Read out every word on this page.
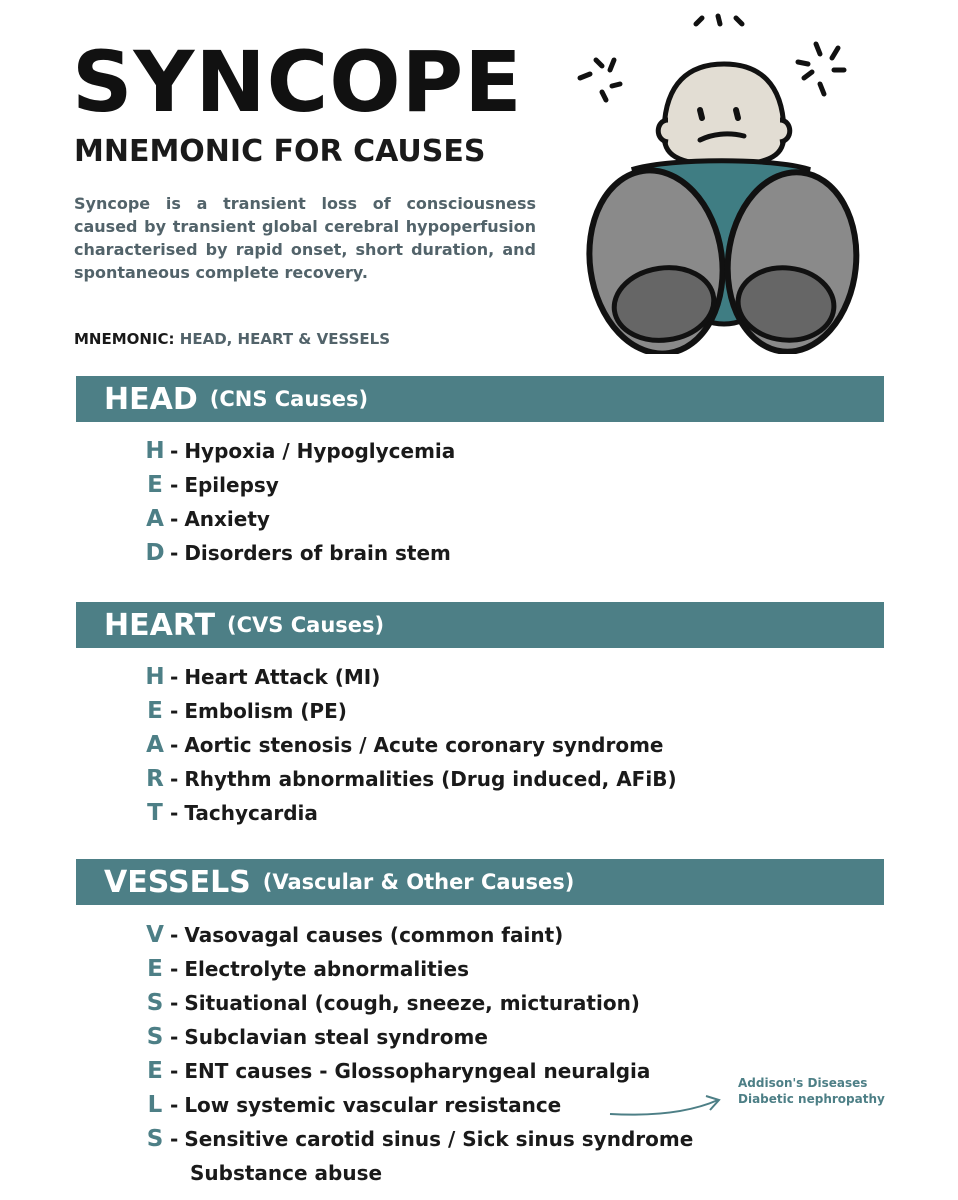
SYNCOPE
MNEMONIC FOR CAUSES

Syncope is a transient loss of consciousness caused by transient global cerebral hypoperfusion characterised by rapid onset, short duration, and spontaneous complete recovery.

MNEMONIC: HEAD, HEART & VESSELS
HEAD (CNS Causes)
H - Hypoxia / Hypoglycemia
E - Epilepsy
A - Anxiety
D - Disorders of brain stem
HEART (CVS Causes)
H - Heart Attack (MI)
E - Embolism (PE)
A - Aortic stenosis / Acute coronary syndrome
R - Rhythm abnormalities (Drug induced, AFiB)
T - Tachycardia
VESSELS (Vascular & Other Causes)
V - Vasovagal causes (common faint)
E - Electrolyte abnormalities
S - Situational (cough, sneeze, micturation)
S - Subclavian steal syndrome
E - ENT causes - Glossopharyngeal neuralgia
L - Low systemic vascular resistance
S - Sensitive carotid sinus / Sick sinus syndrome
Substance abuse
Addison's Diseases
Diabetic nephropathy
